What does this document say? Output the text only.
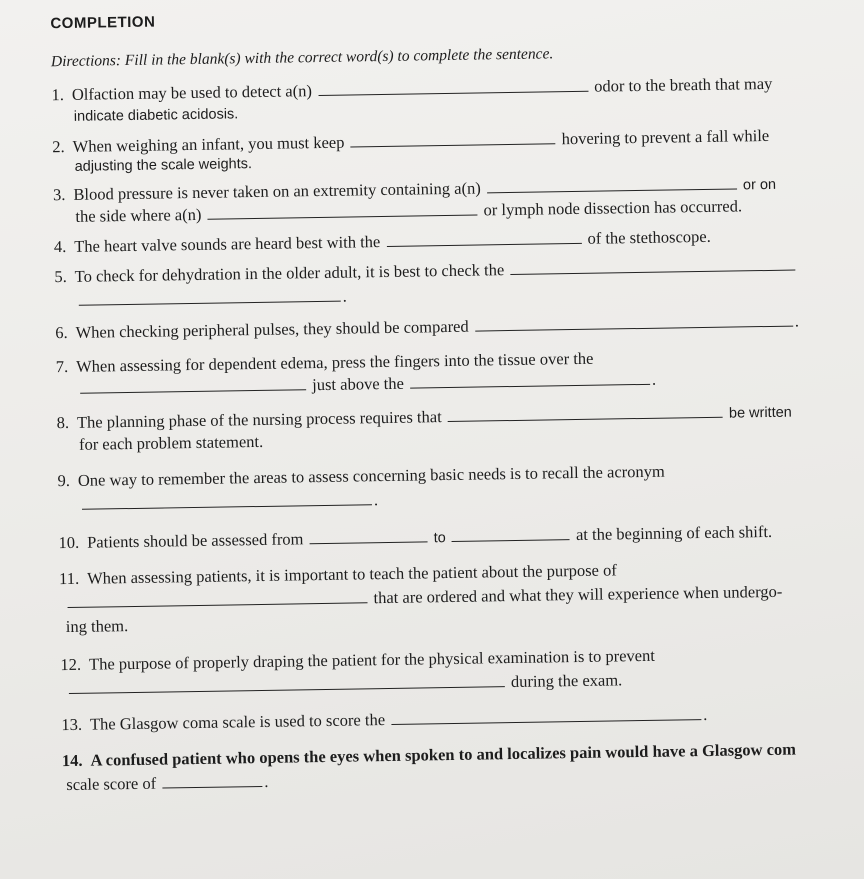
COMPLETION
Directions: Fill in the blank(s) with the correct word(s) to complete the sentence.
1. Olfaction may be used to detect a(n)	odor to the breath that may
indicate diabetic acidosis.
2. When weighing an infant, you must keep	hovering to prevent a fall while
adjusting the scale weights.
3. Blood pressure is never taken on an extremity containing a(n)	or on
the side where a(n)	or lymph node dissection has occurred.
4. The heart valve sounds are heard best with the	of the stethoscope.
5. To check for dehydration in the older adult, it is best to check the
.
6. When checking peripheral pulses, they should be compared	.
7. When assessing for dependent edema, press the fingers into the tissue over the
just above the	.
8. The planning phase of the nursing process requires that	be written
for each problem statement.
9. One way to remember the areas to assess concerning basic needs is to recall the acronym
.
10. Patients should be assessed from	to	at the beginning of each shift.
11. When assessing patients, it is important to teach the patient about the purpose of
that are ordered and what they will experience when undergo-
ing them.
12. The purpose of properly draping the patient for the physical examination is to prevent
during the exam.
13. The Glasgow coma scale is used to score the	.
14. A confused patient who opens the eyes when spoken to and localizes pain would have a Glasgow com
scale score of	.
